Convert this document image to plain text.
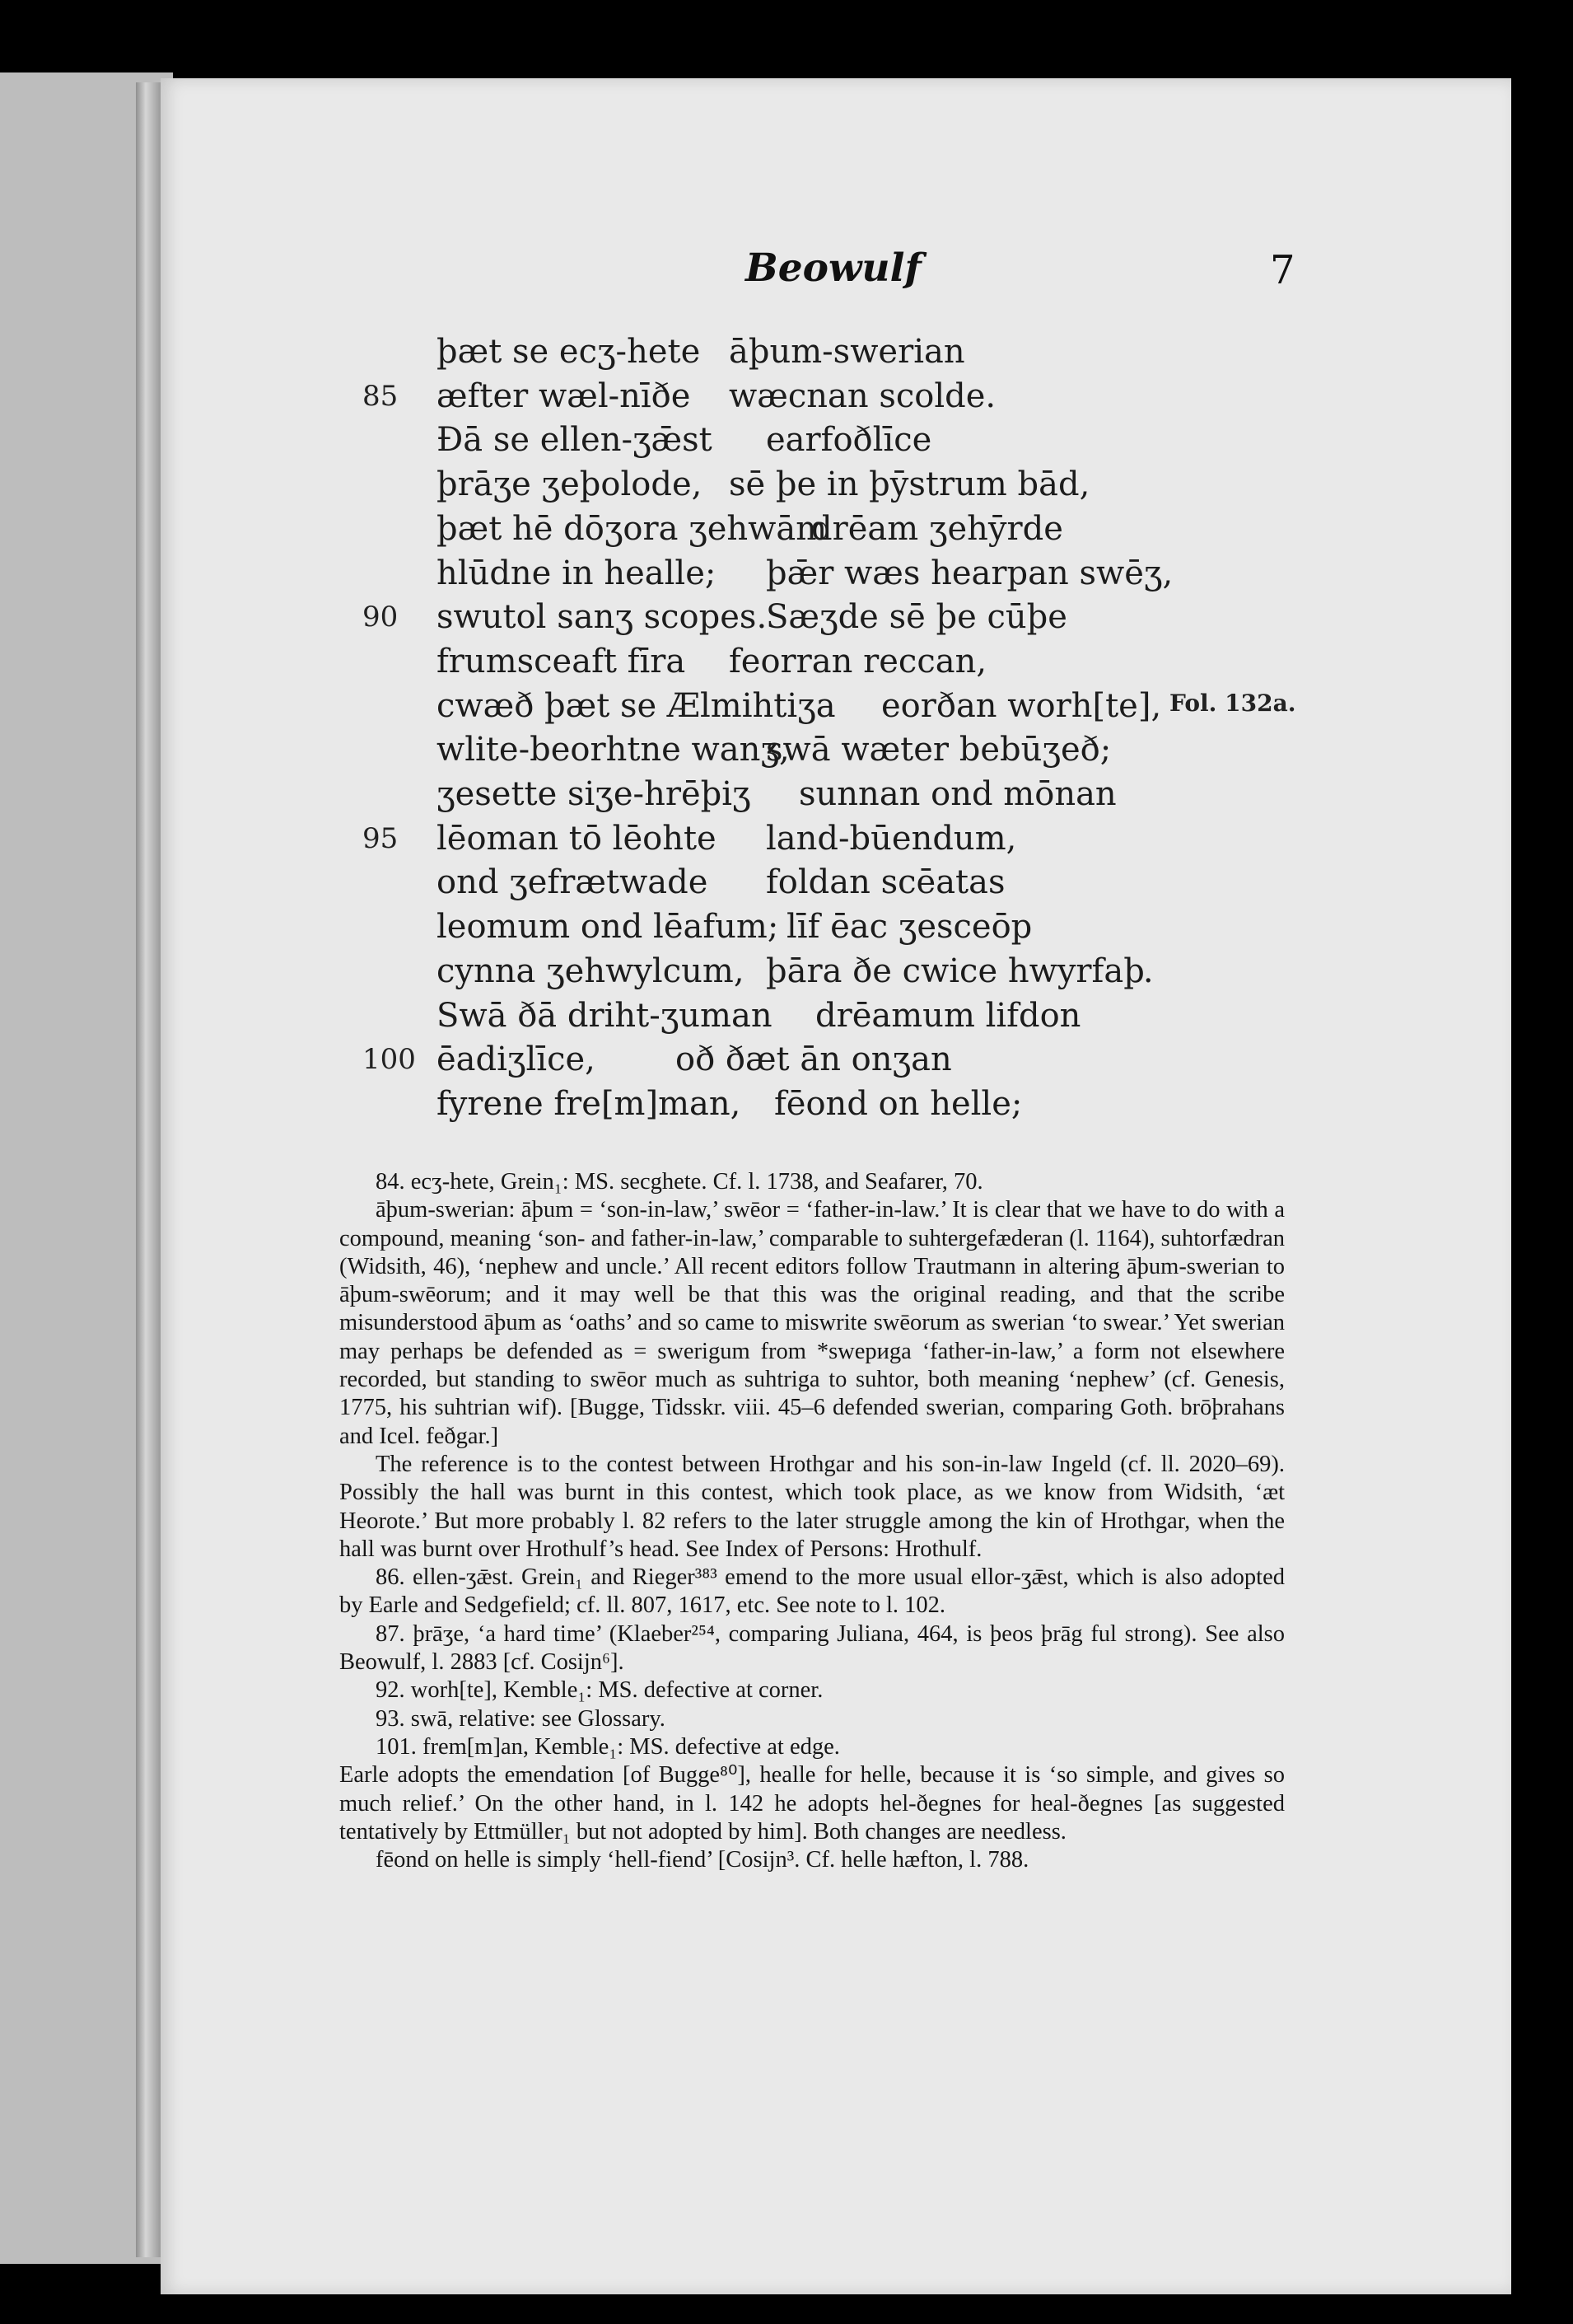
Beowulf	7
þæt se ecʒ-hete āþum-swerian
85 æfter wæl-nīðe wæcnan scolde.
Ðā se ellen-ʒǣst earfoðlīce
þrāʒe ʒeþolode, sē þe in þȳstrum bād,
þæt hē dōʒora ʒehwām
drēam ʒehȳrde
hlūdne in healle; þǣr wæs hearpan swēʒ,
90 swutol sanʒ scopes.
Sæʒde sē þe cūþe
frumsceaft fīra feorran reccan,
cwæð þæt se Ælmihtiʒa eorðan worh[te],
wlite-beorhtne wanʒ,
swā wæter bebūʒeð;
ʒesette siʒe-hrēþiʒ sunnan ond mōnan
95 lēoman tō lēohte land-būendum,
ond ʒefrætwade foldan scēatas
leomum ond lēafum; līf ēac ʒesceōp
cynna ʒehwylcum, þāra ðe cwice hwyrfaþ.
Swā ðā driht-ʒuman drēamum lifdon
100 ēadiʒlīce, oð ðæt ān onʒan
fyrene fre[m]man, fēond on helle;
Fol. 132a.

84. ecʒ-hete, Grein₁: MS. secghete. Cf. l. 1738, and Seafarer, 70.

āþum-swerian: āþum = ‘son-in-law,’ swēor = ‘father-in-law.’ It is clear that we have to do with a compound, meaning ‘son- and father-in-law,’ comparable to suhtergefæderan (l. 1164), suhtorfædran (Widsith, 46), ‘nephew and uncle.’ All recent editors follow Trautmann in altering āþum-swerian to āþum-swēorum; and it may well be that this was the original reading, and that the scribe misunderstood āþum as ‘oaths’ and so came to miswrite swēorum as swerian ‘to swear.’ Yet swerian may perhaps be defended as = swerigum from *swериga ‘father-in-law,’ a form not elsewhere recorded, but standing to swēor much as suhtriga to suhtor, both meaning ‘nephew’ (cf. Genesis, 1775, his suhtrian wif). [Bugge, Tidsskr. viii. 45–6 defended swerian, comparing Goth. brōþrahans and Icel. feðgar.]

The reference is to the contest between Hrothgar and his son-in-law Ingeld (cf. ll. 2020–69). Possibly the hall was burnt in this contest, which took place, as we know from Widsith, ‘æt Heorote.’ But more probably l. 82 refers to the later struggle among the kin of Hrothgar, when the hall was burnt over Hrothulf’s head. See Index of Persons: Hrothulf.

86. ellen-ʒǣst. Grein₁ and Rieger³⁸³ emend to the more usual ellor-ʒǣst, which is also adopted by Earle and Sedgefield; cf. ll. 807, 1617, etc. See note to l. 102.

87. þrāʒe, ‘a hard time’ (Klaeber²⁵⁴, comparing Juliana, 464, is þeos þrāg ful strong). See also Beowulf, l. 2883 [cf. Cosijn⁶].

92. worh[te], Kemble₁: MS. defective at corner.

93. swā, relative: see Glossary.

101. frem[m]an, Kemble₁: MS. defective at edge.

Earle adopts the emendation [of Bugge⁸⁰], healle for helle, because it is ‘so simple, and gives so much relief.’ On the other hand, in l. 142 he adopts hel-ðegnes for heal-ðegnes [as suggested tentatively by Ettmüller₁ but not adopted by him]. Both changes are needless.

fēond on helle is simply ‘hell-fiend’ [Cosijn³. Cf. helle hæfton, l. 788.
